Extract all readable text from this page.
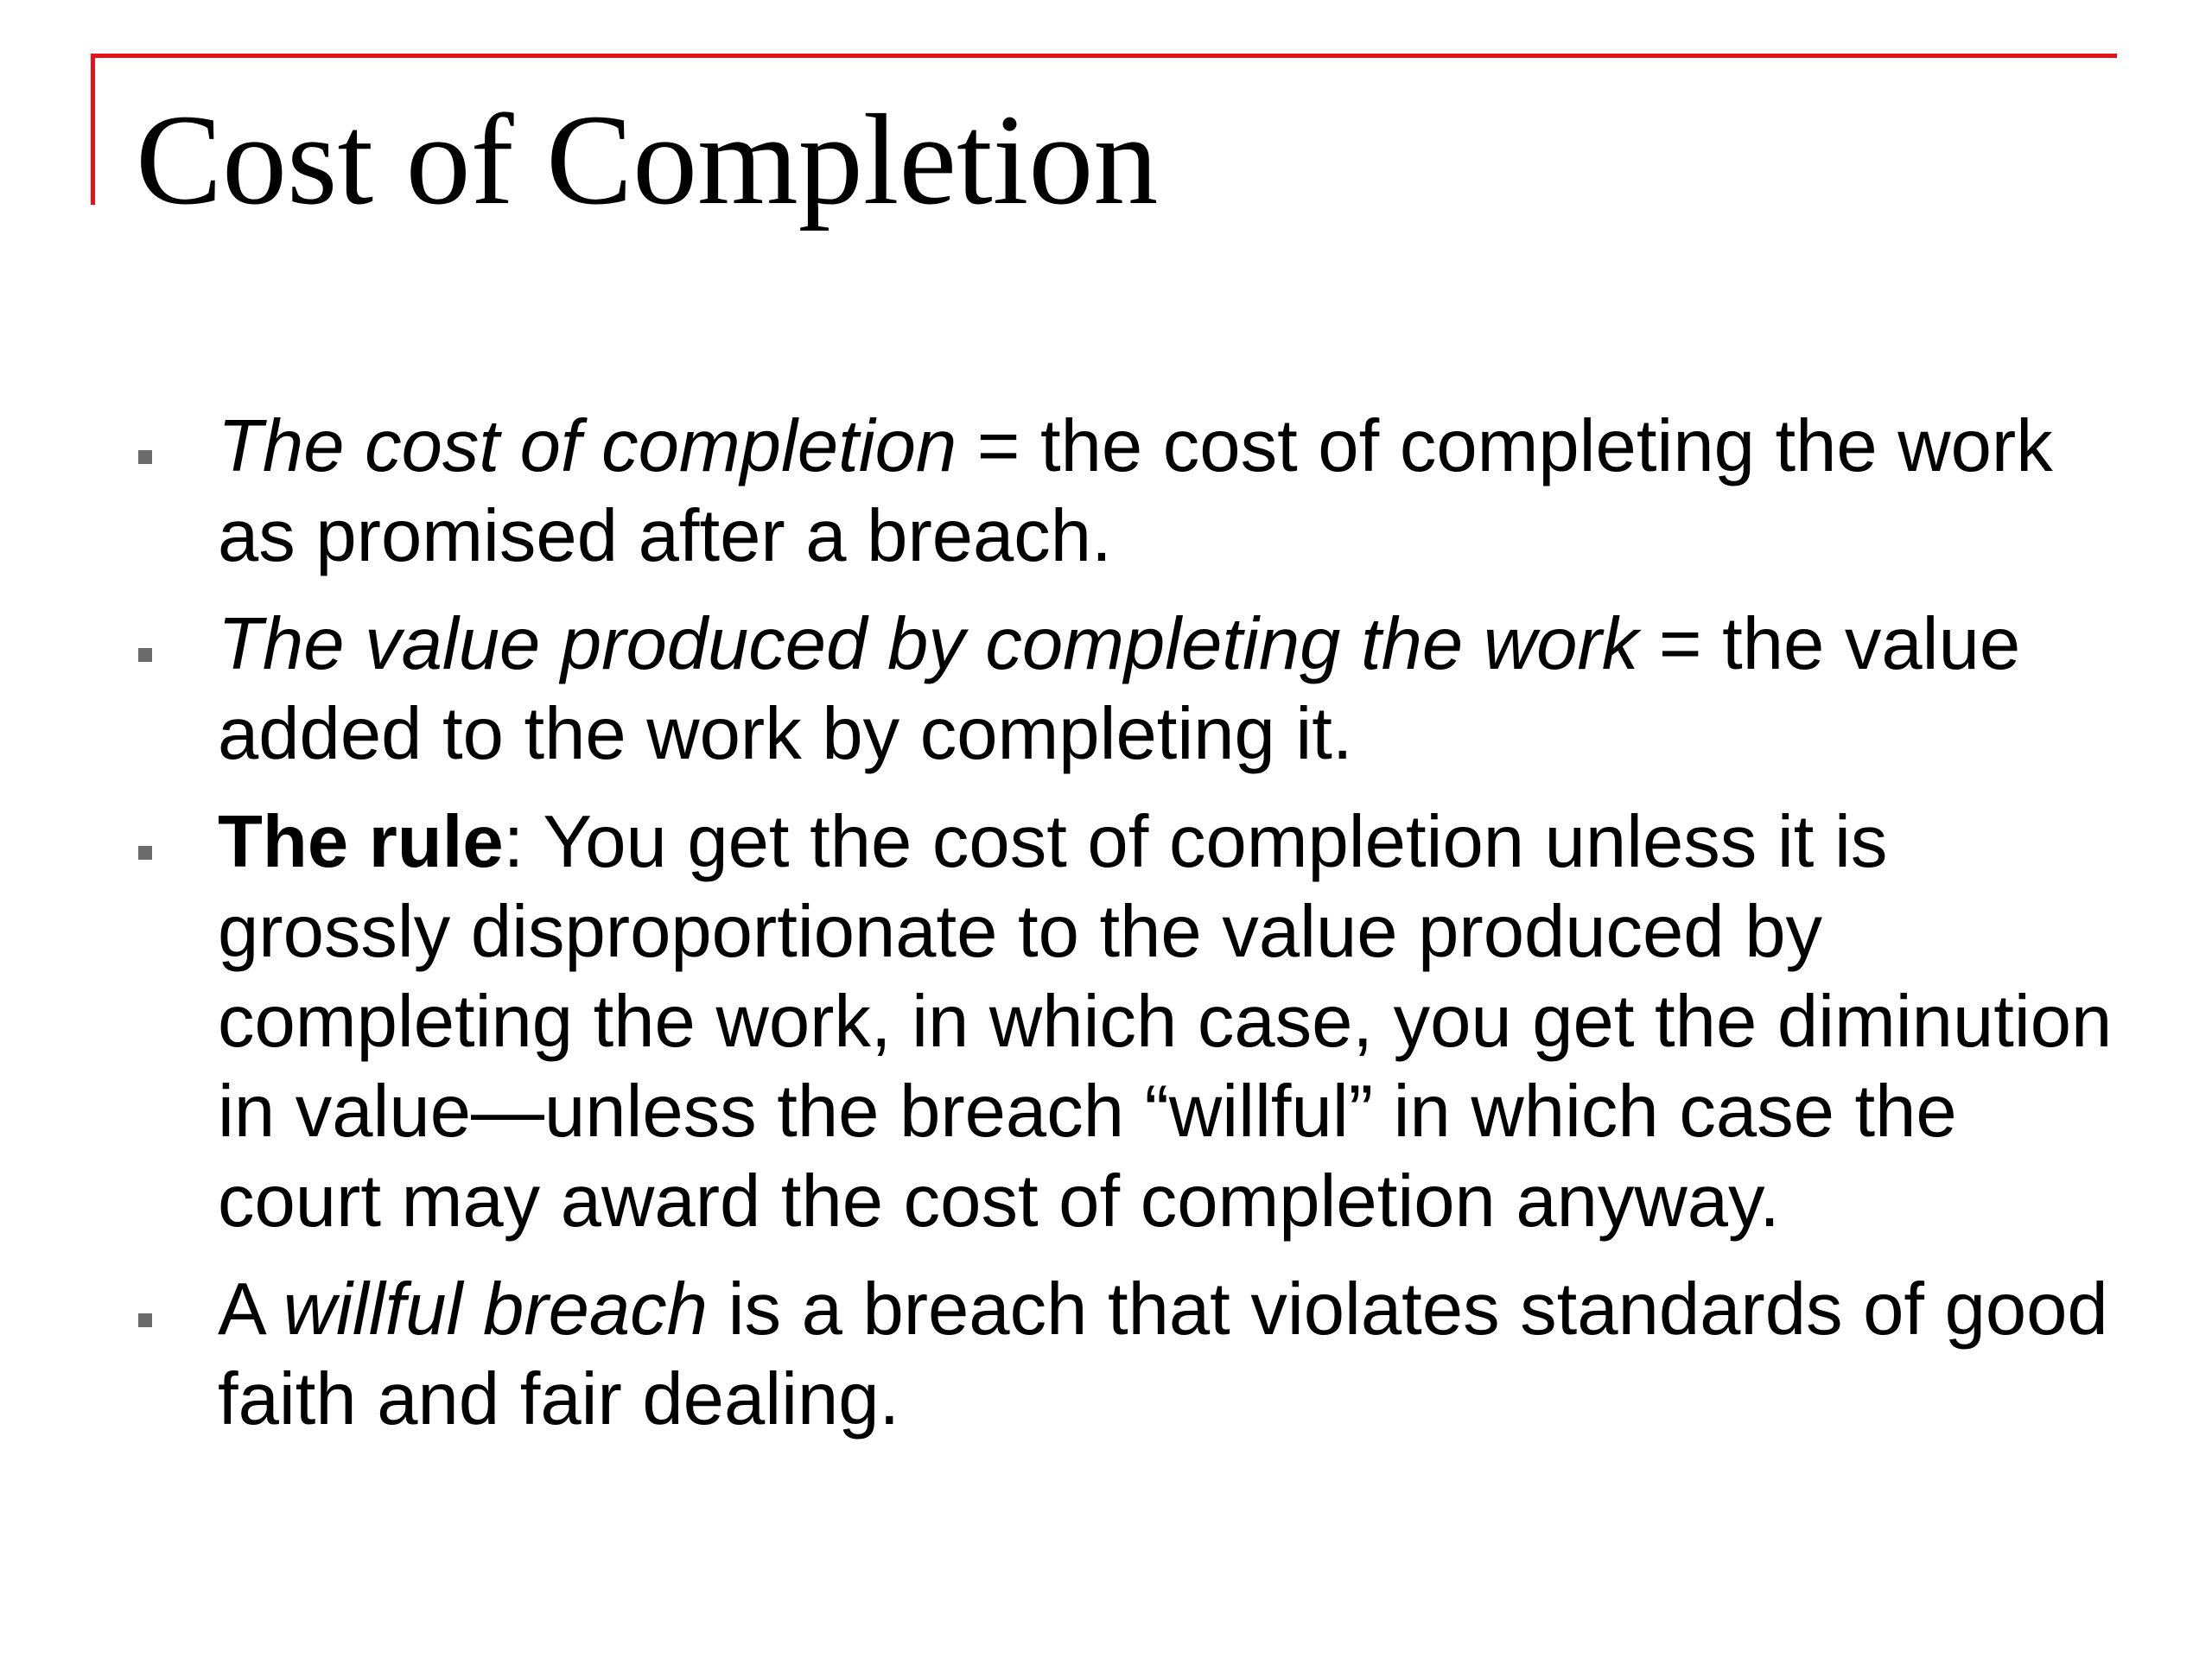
Cost of Completion
The cost of completion = the cost of completing the work as promised after a breach.
The value produced by completing the work = the value added to the work by completing it.
The rule: You get the cost of completion unless it is grossly disproportionate to the value produced by completing the work, in which case, you get the diminution in value—unless the breach “willful” in which case the court may award the cost of completion anyway.
A willful breach is a breach that violates standards of good faith and fair dealing.
